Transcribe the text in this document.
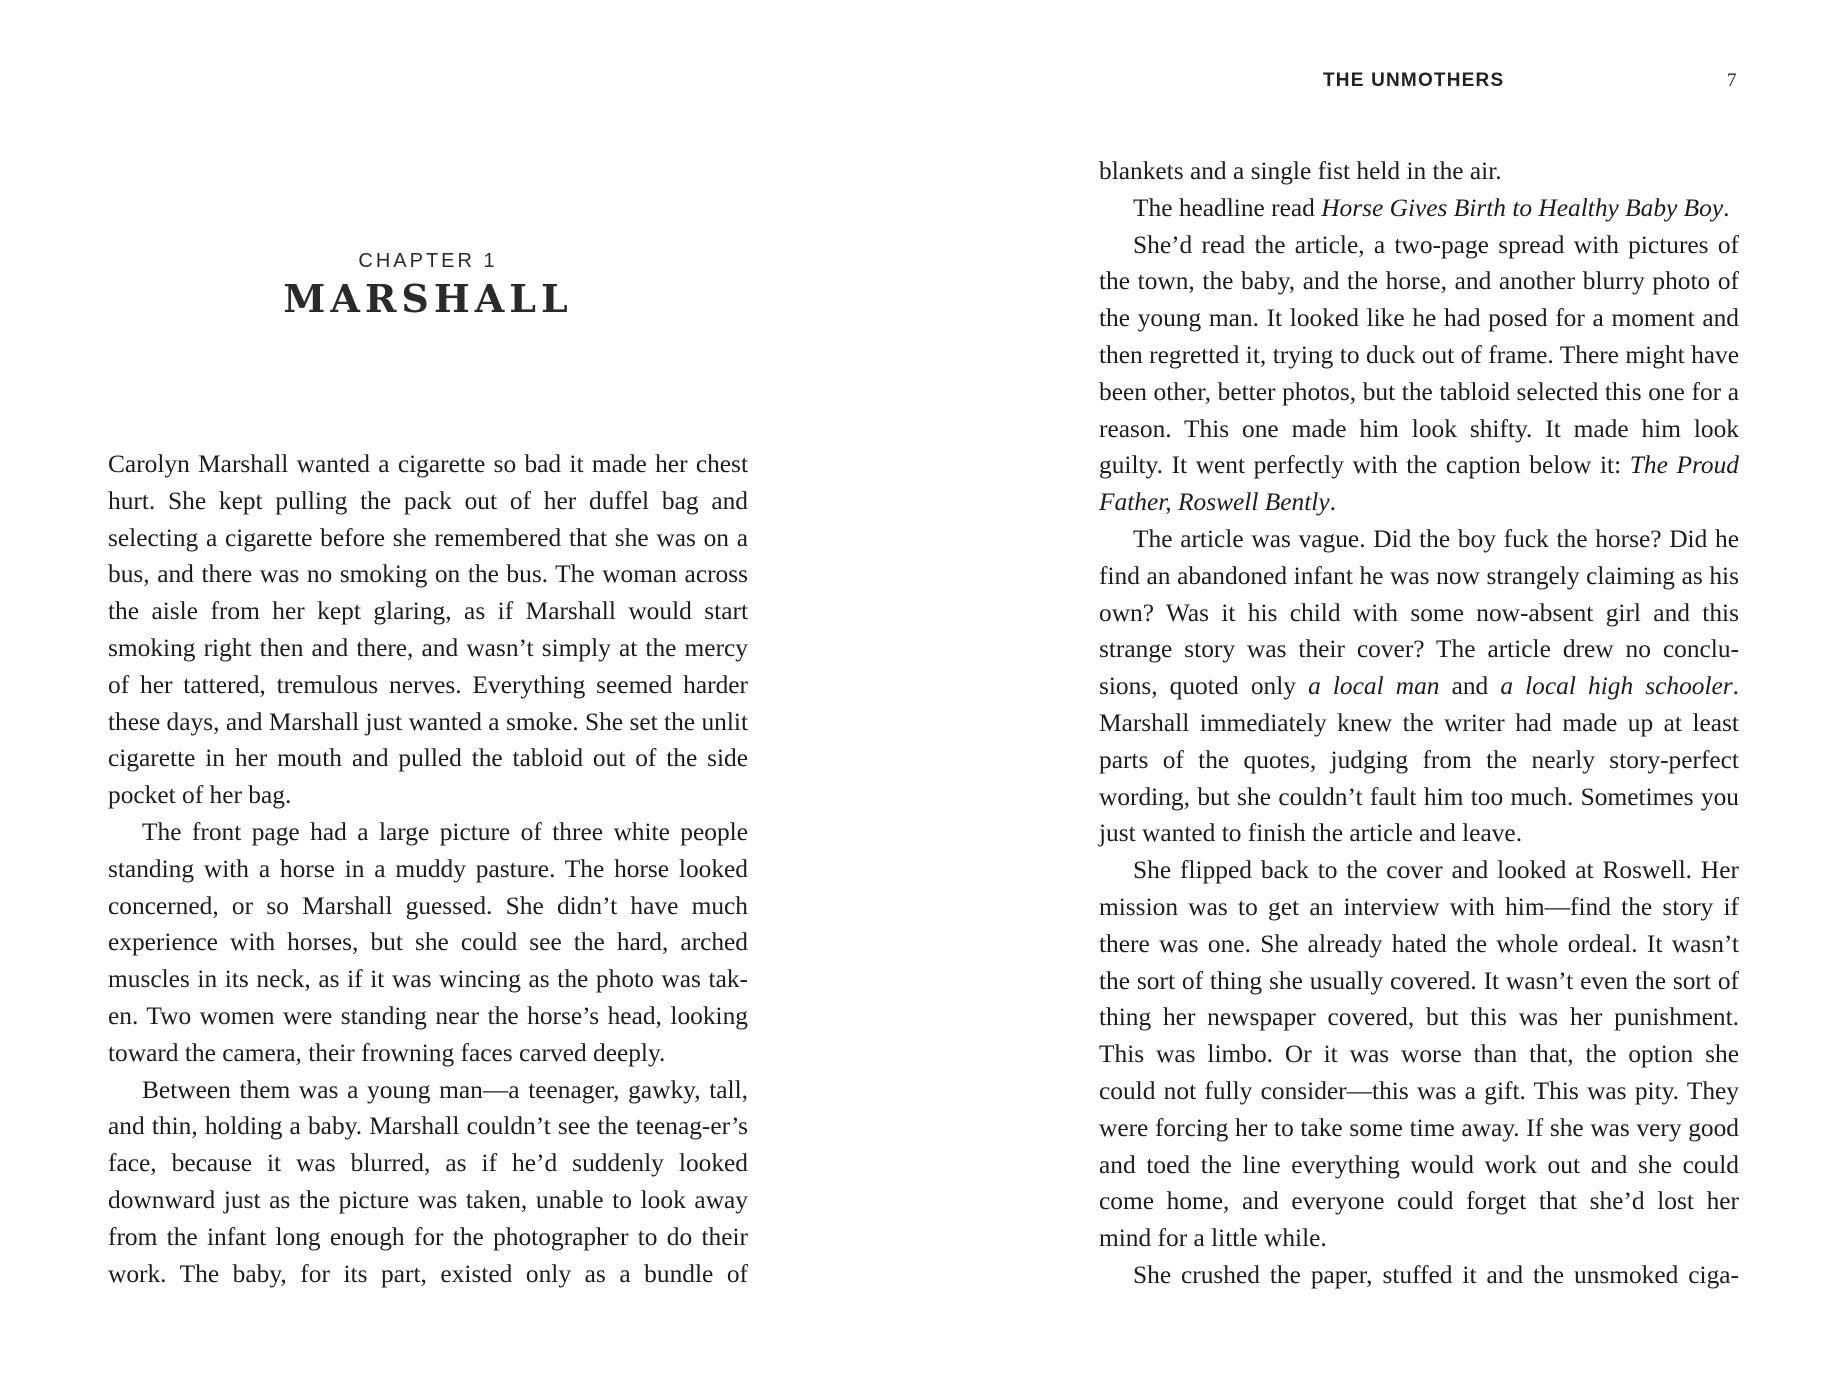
CHAPTER 1
MARSHALL

Carolyn Marshall wanted a cigarette so bad it made her chest hurt. She kept pulling the pack out of her duffel bag and selecting a cigarette before she remembered that she was on a bus, and there was no smoking on the bus. The woman across the aisle from her kept glaring, as if Marshall would start smoking right then and there, and wasn’t simply at the mercy of her tattered, tremulous nerves. Everything seemed harder these days, and Marshall just wanted a smoke. She set the unlit cigarette in her mouth and pulled the tabloid out of the side pocket of her bag.

The front page had a large picture of three white people standing with a horse in a muddy pasture. The horse looked concerned, or so Marshall guessed. She didn’t have much experience with horses, but she could see the hard, arched muscles in its neck, as if it was wincing as the photo was tak-en. Two women were standing near the horse’s head, looking toward the camera, their frowning faces carved deeply.

Between them was a young man—a teenager, gawky, tall, and thin, holding a baby. Marshall couldn’t see the teenag-er’s face, because it was blurred, as if he’d suddenly looked downward just as the picture was taken, unable to look away from the infant long enough for the photographer to do their work. The baby, for its part, existed only as a bundle of

THE UNMOTHERS	7

blankets and a single fist held in the air.

The headline read Horse Gives Birth to Healthy Baby Boy.

She’d read the article, a two-page spread with pictures of the town, the baby, and the horse, and another blurry photo of the young man. It looked like he had posed for a moment and then regretted it, trying to duck out of frame. There might have been other, better photos, but the tabloid selected this one for a reason. This one made him look shifty. It made him look guilty. It went perfectly with the caption below it: The Proud Father, Roswell Bently.

The article was vague. Did the boy fuck the horse? Did he find an abandoned infant he was now strangely claiming as his own? Was it his child with some now-absent girl and this strange story was their cover? The article drew no conclu-sions, quoted only a local man and a local high schooler. Marshall immediately knew the writer had made up at least parts of the quotes, judging from the nearly story-perfect wording, but she couldn’t fault him too much. Sometimes you just wanted to finish the article and leave.

She flipped back to the cover and looked at Roswell. Her mission was to get an interview with him—find the story if there was one. She already hated the whole ordeal. It wasn’t the sort of thing she usually covered. It wasn’t even the sort of thing her newspaper covered, but this was her punishment. This was limbo. Or it was worse than that, the option she could not fully consider—this was a gift. This was pity. They were forcing her to take some time away. If she was very good and toed the line everything would work out and she could come home, and everyone could forget that she’d lost her mind for a little while.

She crushed the paper, stuffed it and the unsmoked ciga-
